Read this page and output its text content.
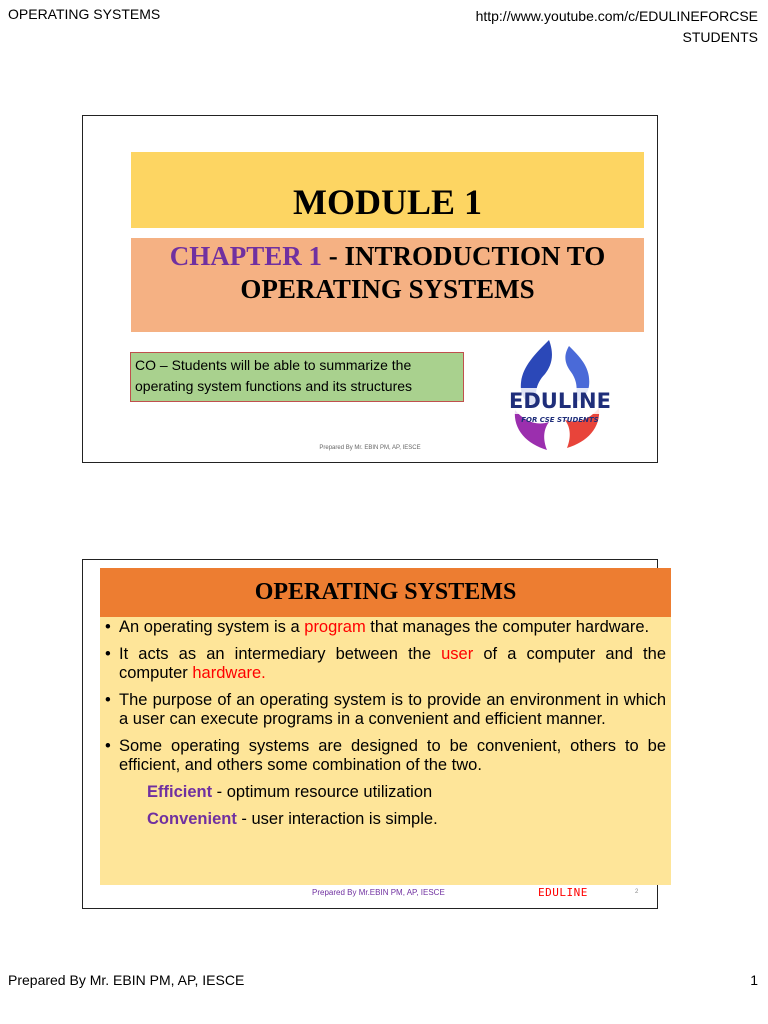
OPERATING SYSTEMS	http://www.youtube.com/c/EDULINEFORCSE
STUDENTS
MODULE 1
CHAPTER 1 - INTRODUCTION TO
OPERATING SYSTEMS
CO – Students will be able to summarize the operating system functions and its structures
EDULINE
FOR CSE STUDENTS
Prepared By Mr. EBIN PM, AP, IESCE
OPERATING SYSTEMS
• An operating system is a program that manages the computer hardware.
• It acts as an intermediary between the user of a computer and the computer hardware.
• The purpose of an operating system is to provide an environment in which a user can execute programs in a convenient and efficient manner.
• Some operating systems are designed to be convenient, others to be efficient, and others some combination of the two.
Efficient - optimum resource utilization
Convenient - user interaction is simple.
Prepared By Mr.EBIN PM, AP, IESCE	EDULINE	2
Prepared By Mr. EBIN PM, AP, IESCE	1
